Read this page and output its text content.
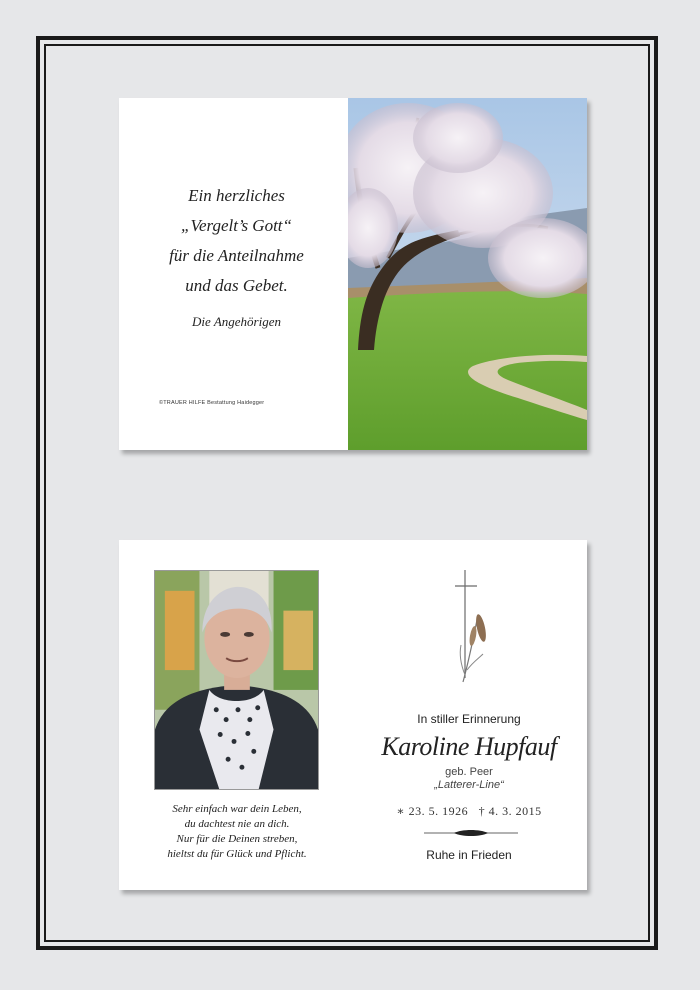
Ein herzliches
„Vergelt’s Gott“
für die Anteilnahme
und das Gebet.
Die Angehörigen
©TRAUER HILFE Bestattung Haidegger
Sehr einfach war dein Leben,
du dachtest nie an dich.
Nur für die Deinen streben,
hieltst du für Glück und Pflicht.
In stiller Erinnerung
Karoline Hupfauf
geb. Peer
„Latterer-Line“
∗ 23. 5. 1926 † 4. 3. 2015
Ruhe in Frieden
